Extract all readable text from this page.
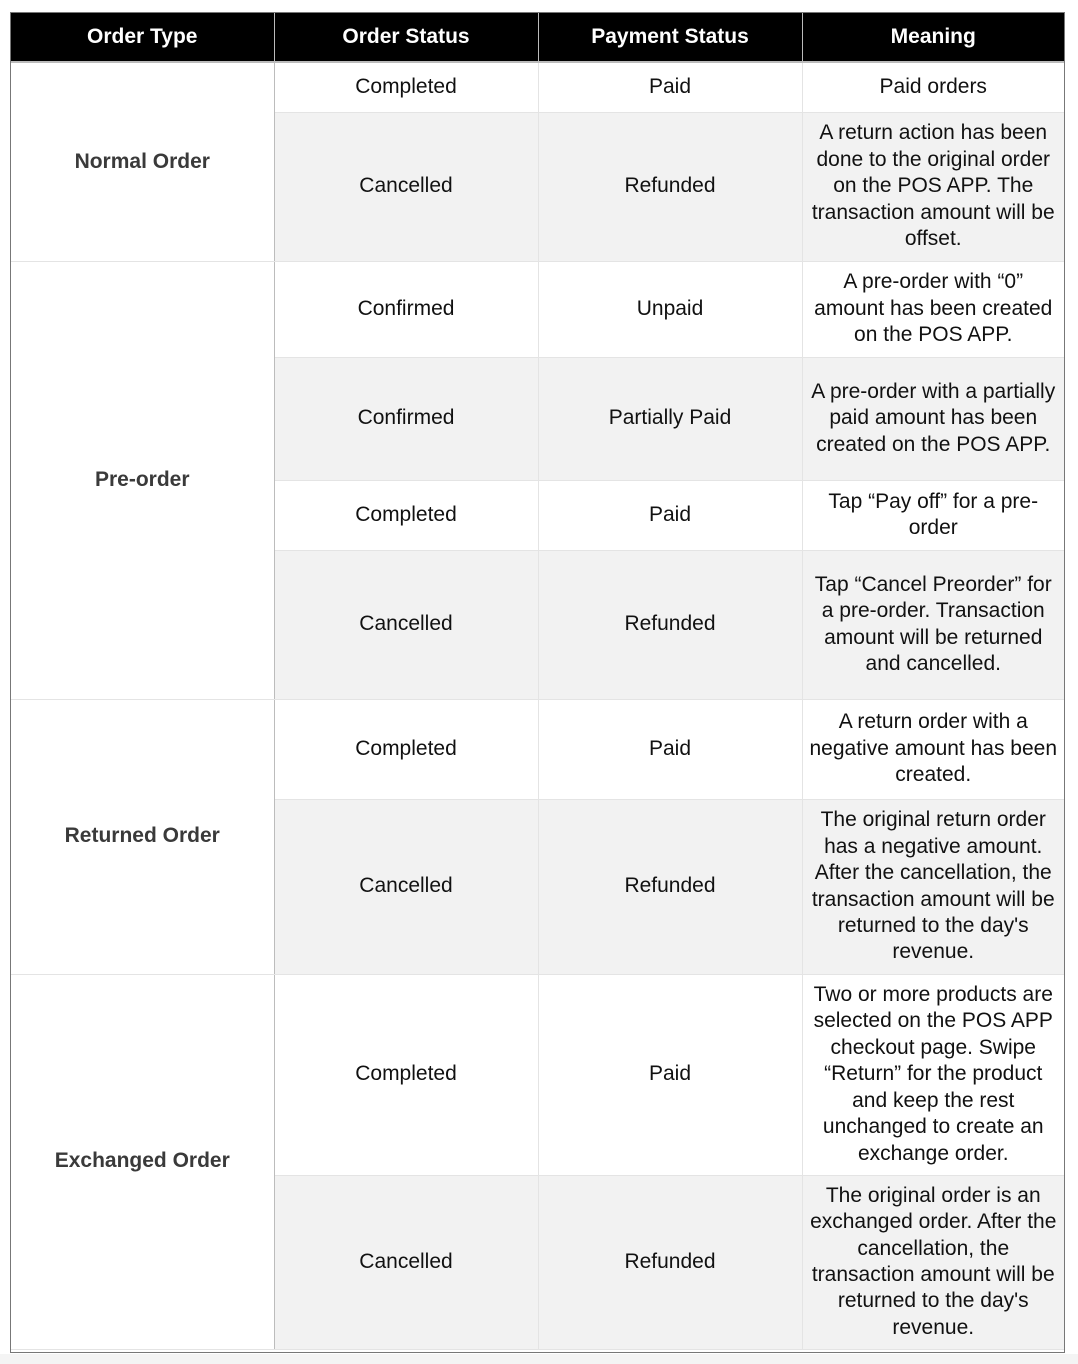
Order Type	Order Status	Payment Status	Meaning
Normal Order	Completed	Paid	Paid orders
	Cancelled	Refunded	A return action has been done to the original order on the POS APP. The transaction amount will be offset.
Pre-order	Confirmed	Unpaid	A pre-order with “0” amount has been created on the POS APP.
	Confirmed	Partially Paid	A pre-order with a partially paid amount has been created on the POS APP.
	Completed	Paid	Tap “Pay off” for a pre-order
	Cancelled	Refunded	Tap “Cancel Preorder” for a pre-order. Transaction amount will be returned and cancelled.
Returned Order	Completed	Paid	A return order with a negative amount has been created.
	Cancelled	Refunded	The original return order has a negative amount. After the cancellation, the transaction amount will be returned to the day's revenue.
Exchanged Order	Completed	Paid	Two or more products are selected on the POS APP checkout page. Swipe “Return” for the product and keep the rest unchanged to create an exchange order.
	Cancelled	Refunded	The original order is an exchanged order. After the cancellation, the transaction amount will be returned to the day's revenue.
